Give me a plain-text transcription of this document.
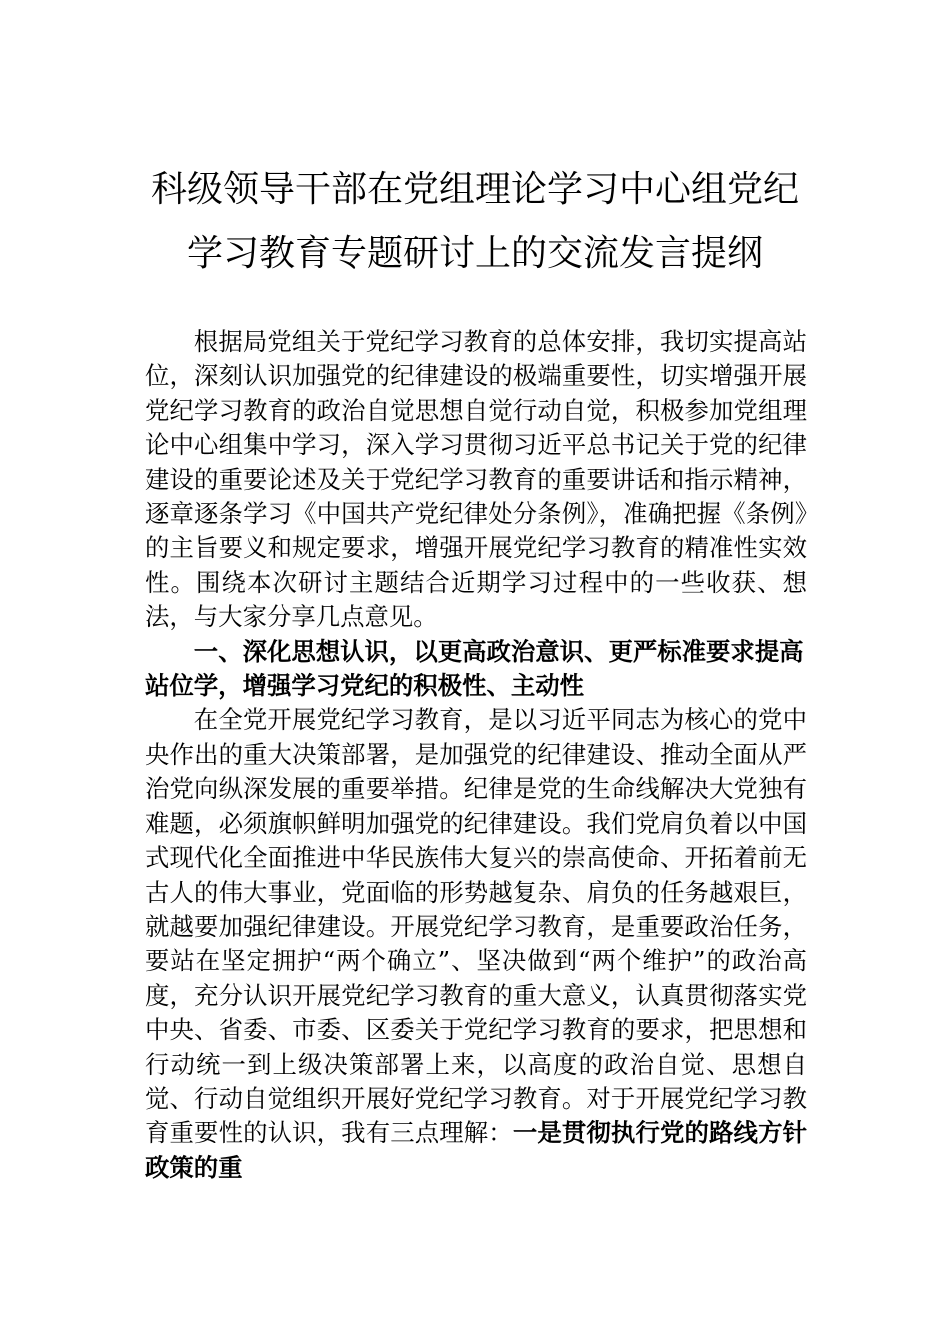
科级领导干部在党组理论学习中心组党纪
学习教育专题研讨上的交流发言提纲

根据局党组关于党纪学习教育的总体安排，我切实提高站位，深刻认识加强党的纪律建设的极端重要性，切实增强开展党纪学习教育的政治自觉思想自觉行动自觉，积极参加党组理论中心组集中学习，深入学习贯彻习近平总书记关于党的纪律建设的重要论述及关于党纪学习教育的重要讲话和指示精神，逐章逐条学习《中国共产党纪律处分条例》，准确把握《条例》的主旨要义和规定要求，增强开展党纪学习教育的精准性实效性。围绕本次研讨主题结合近期学习过程中的一些收获、想法，与大家分享几点意见。

一、深化思想认识，以更高政治意识、更严标准要求提高站位学，增强学习党纪的积极性、主动性

在全党开展党纪学习教育，是以习近平同志为核心的党中央作出的重大决策部署，是加强党的纪律建设、推动全面从严治党向纵深发展的重要举措。纪律是党的生命线解决大党独有难题，必须旗帜鲜明加强党的纪律建设。我们党肩负着以中国式现代化全面推进中华民族伟大复兴的崇高使命、开拓着前无古人的伟大事业，党面临的形势越复杂、肩负的任务越艰巨，就越要加强纪律建设。开展党纪学习教育，是重要政治任务，要站在坚定拥护“两个确立”、坚决做到“两个维护”的政治高度，充分认识开展党纪学习教育的重大意义，认真贯彻落实党中央、省委、市委、区委关于党纪学习教育的要求，把思想和行动统一到上级决策部署上来，以高度的政治自觉、思想自觉、行动自觉组织开展好党纪学习教育。对于开展党纪学习教育重要性的认识，我有三点理解：一是贯彻执行党的路线方针政策的重
